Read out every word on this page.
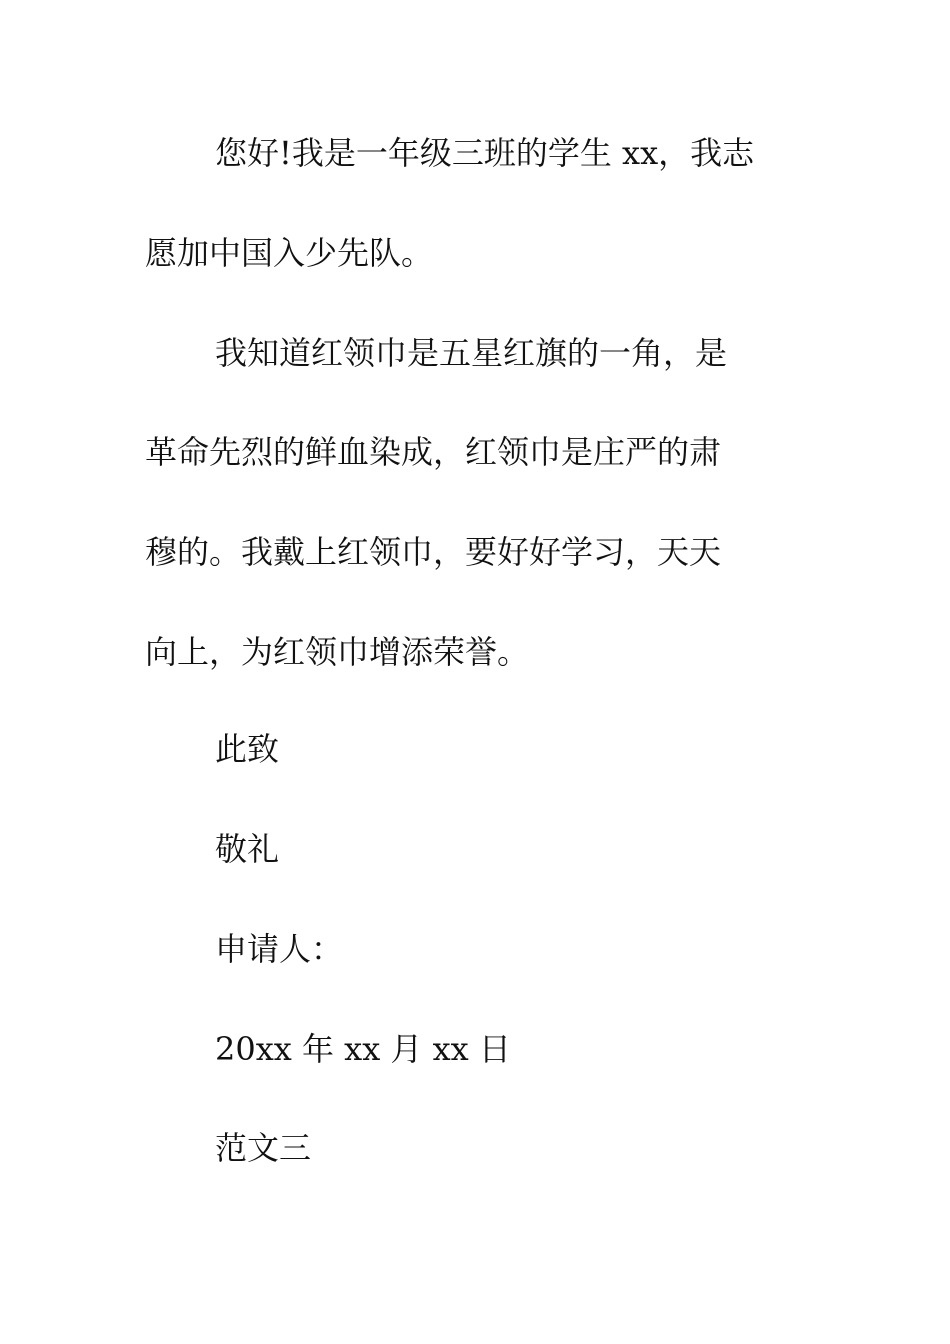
您好!我是一年级三班的学生 xx，我志
愿加中国入少先队。
我知道红领巾是五星红旗的一角，是
革命先烈的鲜血染成，红领巾是庄严的肃
穆的。我戴上红领巾，要好好学习，天天
向上，为红领巾增添荣誉。
此致
敬礼
申请人：
20xx 年 xx 月 xx 日
范文三
